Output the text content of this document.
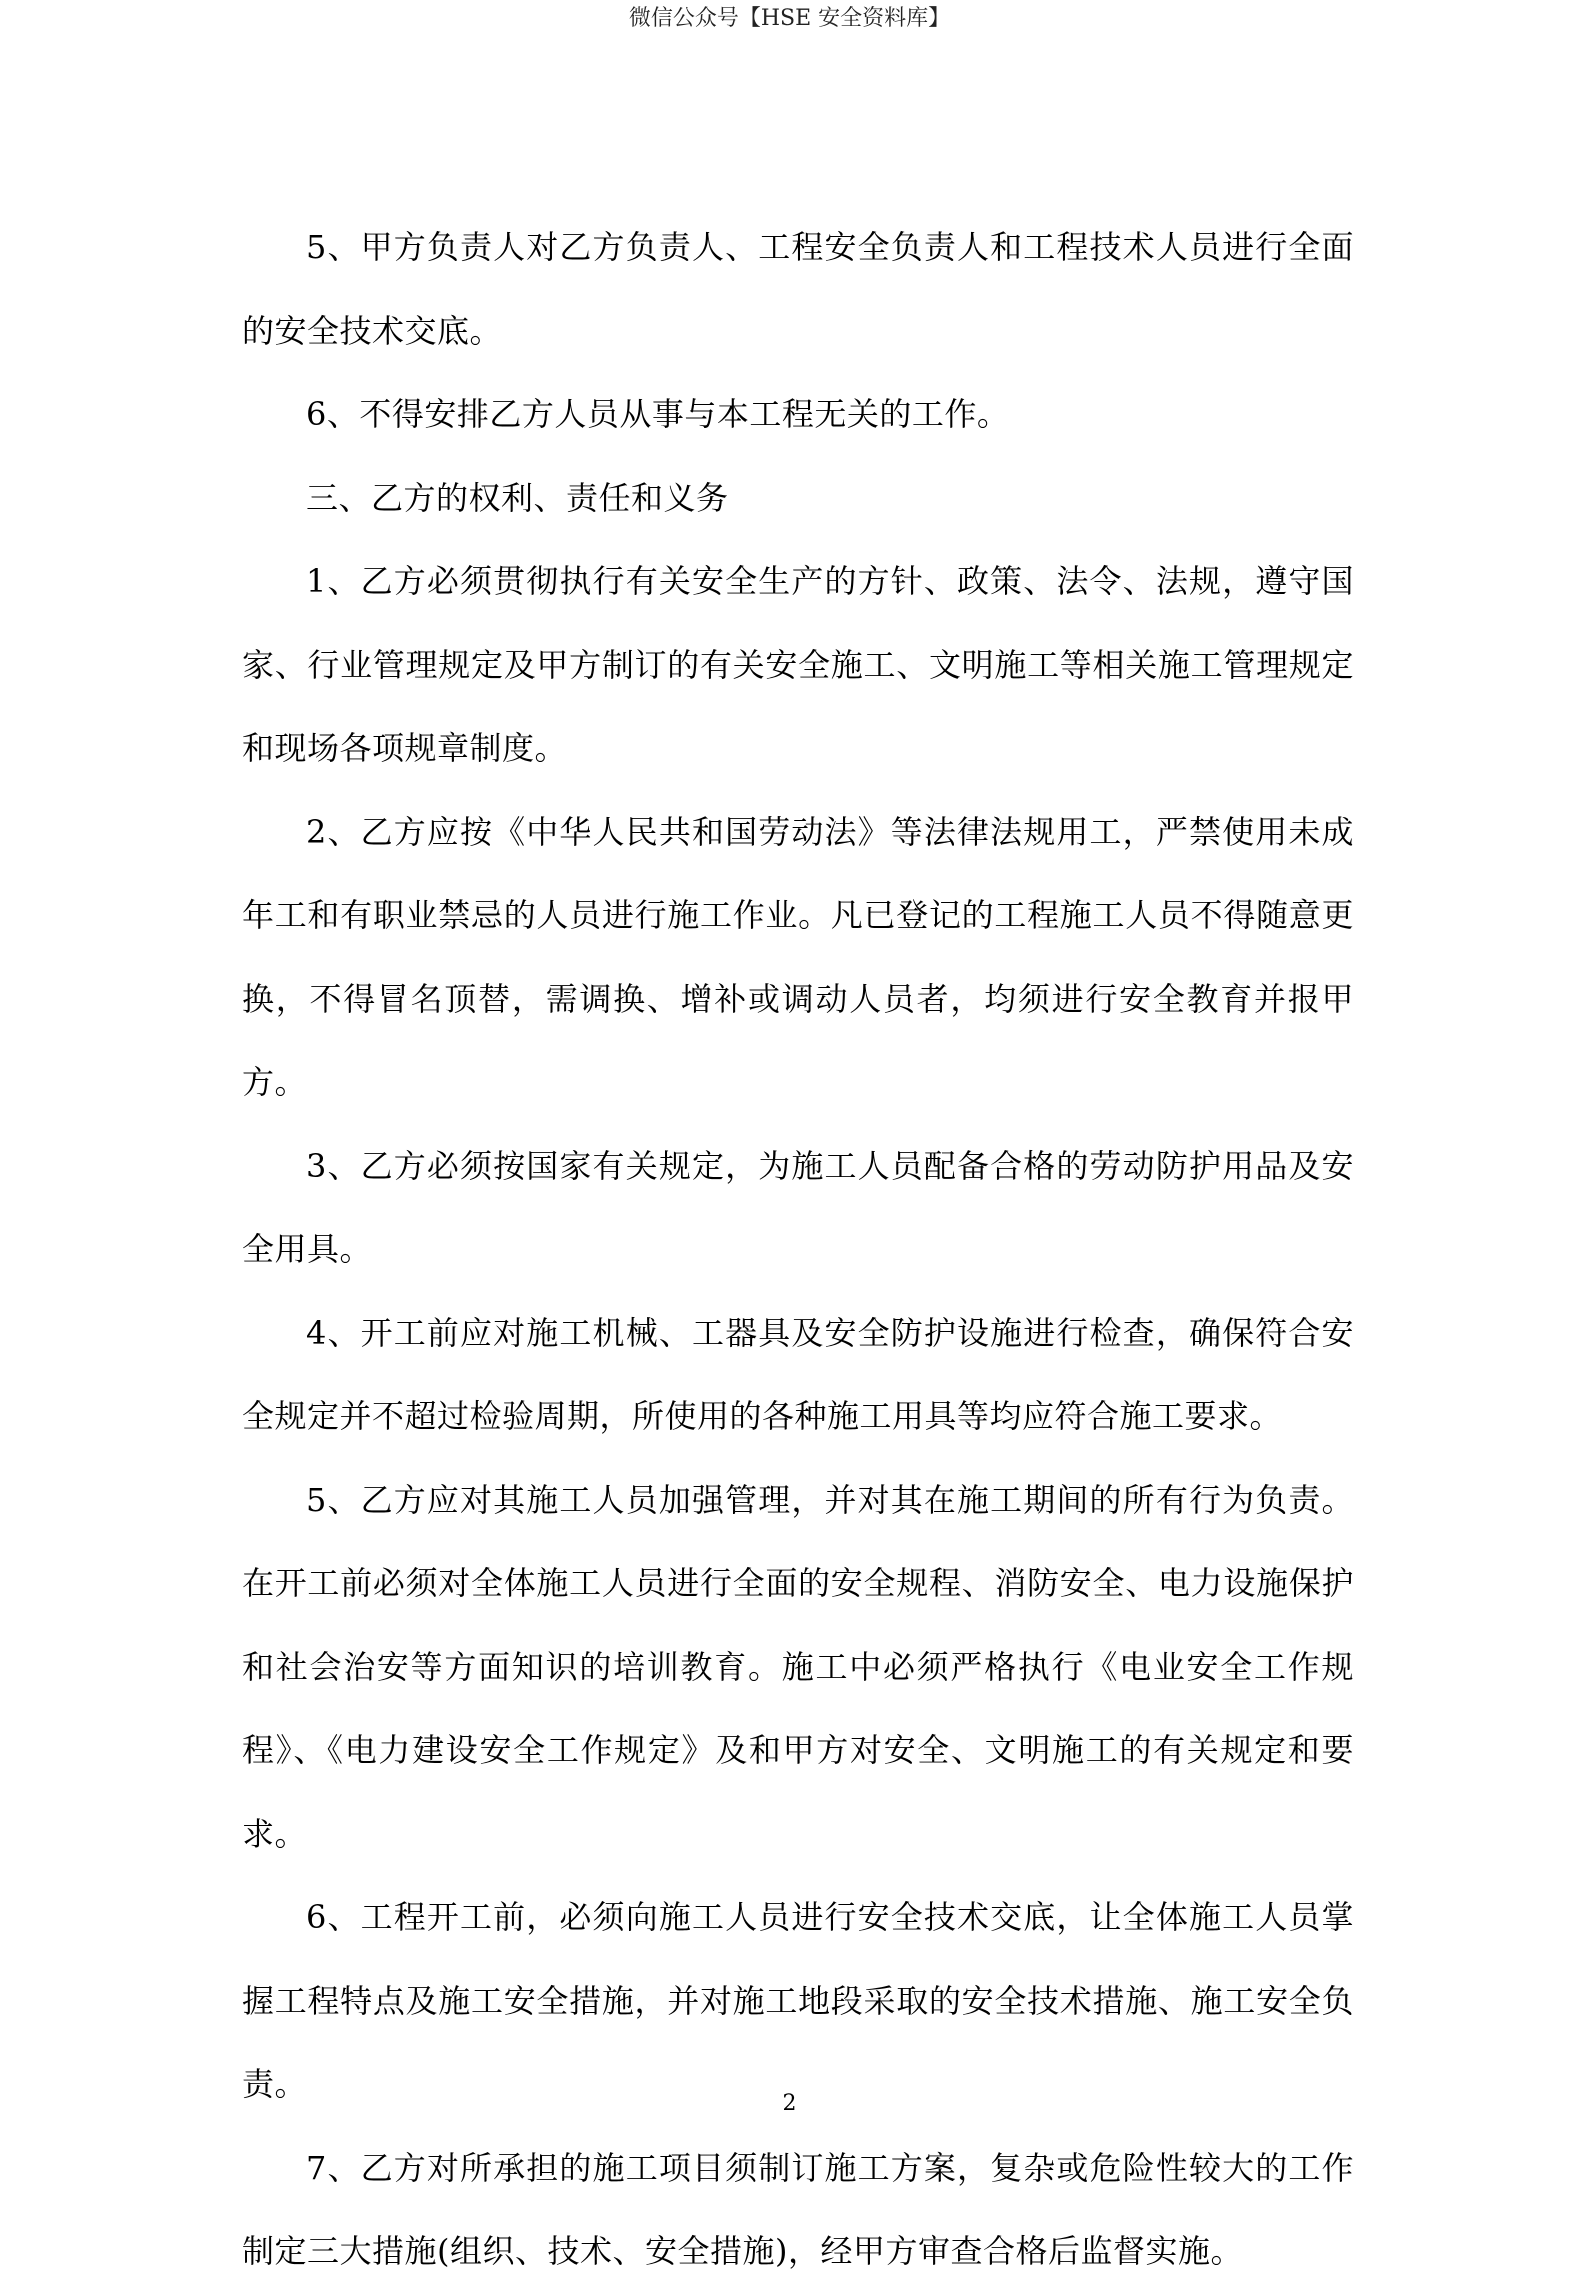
微信公众号【HSE 安全资料库】

5、甲方负责人对乙方负责人、工程安全负责人和工程技术人员进行全面的安全技术交底。

6、不得安排乙方人员从事与本工程无关的工作。

三、乙方的权利、责任和义务

1、乙方必须贯彻执行有关安全生产的方针、政策、法令、法规，遵守国家、行业管理规定及甲方制订的有关安全施工、文明施工等相关施工管理规定和现场各项规章制度。

2、乙方应按《中华人民共和国劳动法》等法律法规用工，严禁使用未成年工和有职业禁忌的人员进行施工作业。凡已登记的工程施工人员不得随意更换，不得冒名顶替，需调换、增补或调动人员者，均须进行安全教育并报甲方。

3、乙方必须按国家有关规定，为施工人员配备合格的劳动防护用品及安全用具。

4、开工前应对施工机械、工器具及安全防护设施进行检查，确保符合安全规定并不超过检验周期，所使用的各种施工用具等均应符合施工要求。

5、乙方应对其施工人员加强管理，并对其在施工期间的所有行为负责。在开工前必须对全体施工人员进行全面的安全规程、消防安全、电力设施保护和社会治安等方面知识的培训教育。施工中必须严格执行《电业安全工作规程》、《电力建设安全工作规定》及和甲方对安全、文明施工的有关规定和要求。

6、工程开工前，必须向施工人员进行安全技术交底，让全体施工人员掌握工程特点及施工安全措施，并对施工地段采取的安全技术措施、施工安全负责。

7、乙方对所承担的施工项目须制订施工方案，复杂或危险性较大的工作制定三大措施(组织、技术、安全措施)，经甲方审查合格后监督实施。

2
